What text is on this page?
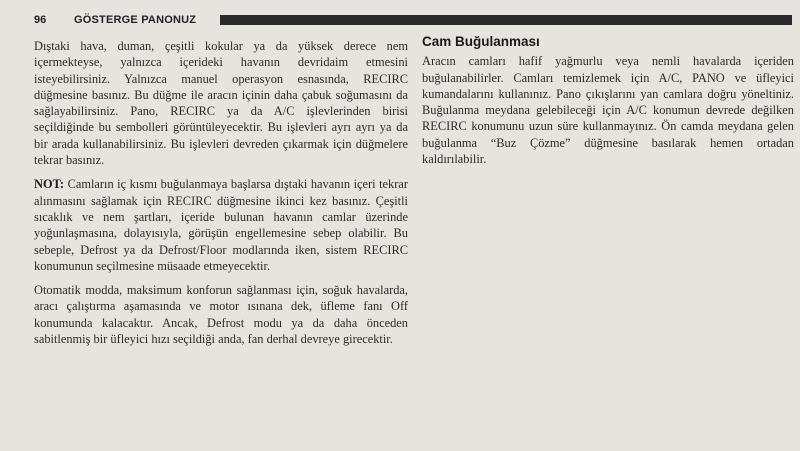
96	GÖSTERGE PANONUZ

Dıştaki hava, duman, çeşitli kokular ya da yüksek derece nem içermekteyse, yalnızca içerideki havanın devridaim etmesini isteyebilirsiniz. Yalnızca manuel operasyon esnasında, RECIRC düğmesine basınız. Bu düğme ile aracın içinin daha çabuk soğumasını da sağlayabilirsiniz. Pano, RECIRC ya da A/C işlevlerinden birisi seçildiğinde bu sembolleri görüntüleyecektir. Bu işlevleri ayrı ayrı ya da bir arada kullanabilirsiniz. Bu işlevleri devreden çıkarmak için düğmelere tekrar basınız.

NOT: Camların iç kısmı buğulanmaya başlarsa dıştaki havanın içeri tekrar alınmasını sağlamak için RECIRC düğmesine ikinci kez basınız. Çeşitli sıcaklık ve nem şartları, içeride bulunan havanın camlar üzerinde yoğunlaşmasına, dolayısıyla, görüşün engellemesine sebep olabilir. Bu sebeple, Defrost ya da Defrost/Floor modlarında iken, sistem RECIRC konumunun seçilmesine müsaade etmeyecektir.

Otomatik modda, maksimum konforun sağlanması için, soğuk havalarda, aracı çalıştırma aşamasında ve motor ısınana dek, üfleme fanı Off konumunda kalacaktır. Ancak, Defrost modu ya da daha önceden sabitlenmiş bir üfleyici hızı seçildiği anda, fan derhal devreye girecektir.

Cam Buğulanması

Aracın camları hafif yağmurlu veya nemli havalarda içeriden buğulanabilirler. Camları temizlemek için A/C, PANO ve üfleyici kumandalarını kullanınız. Pano çıkışlarını yan camlara doğru yöneltiniz. Buğulanma meydana gelebileceği için A/C konumun devrede değilken RECIRC konumunu uzun süre kullanmayınız. Ön camda meydana gelen buğulanma “Buz Çözme” düğmesine basılarak hemen ortadan kaldırılabilir.
